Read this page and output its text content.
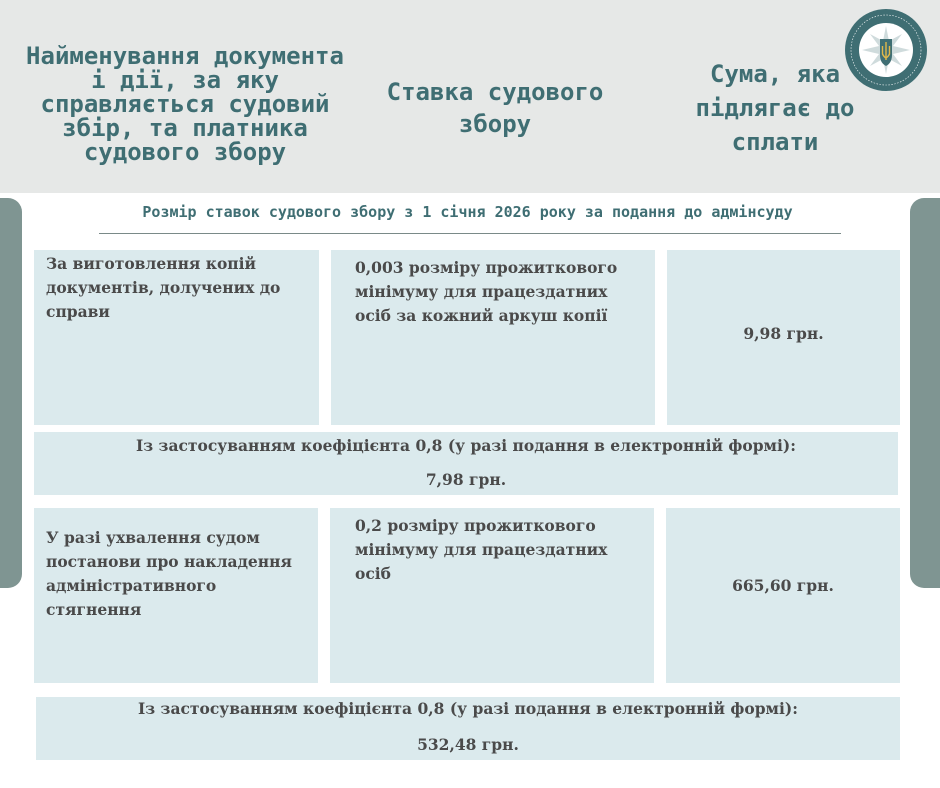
Найменування документа і дії, за яку справляється судовий збір, та платника судового збору
Ставка судового збору
Сума, яка підлягає до сплати
Розмір ставок судового збору з 1 січня 2026 року за подання до адмінсуду
За виготовлення копій документів, долучених до справи
0,003 розміру прожиткового мінімуму для працездатних осіб за кожний аркуш копії
9,98 грн.
Із застосуванням коефіцієнта 0,8 (у разі подання в електронній формі):
7,98 грн.
У разі ухвалення судом постанови про накладення адміністративного стягнення
0,2 розміру прожиткового мінімуму для працездатних осіб
665,60 грн.
Із застосуванням коефіцієнта 0,8 (у разі подання в електронній формі):
532,48 грн.
